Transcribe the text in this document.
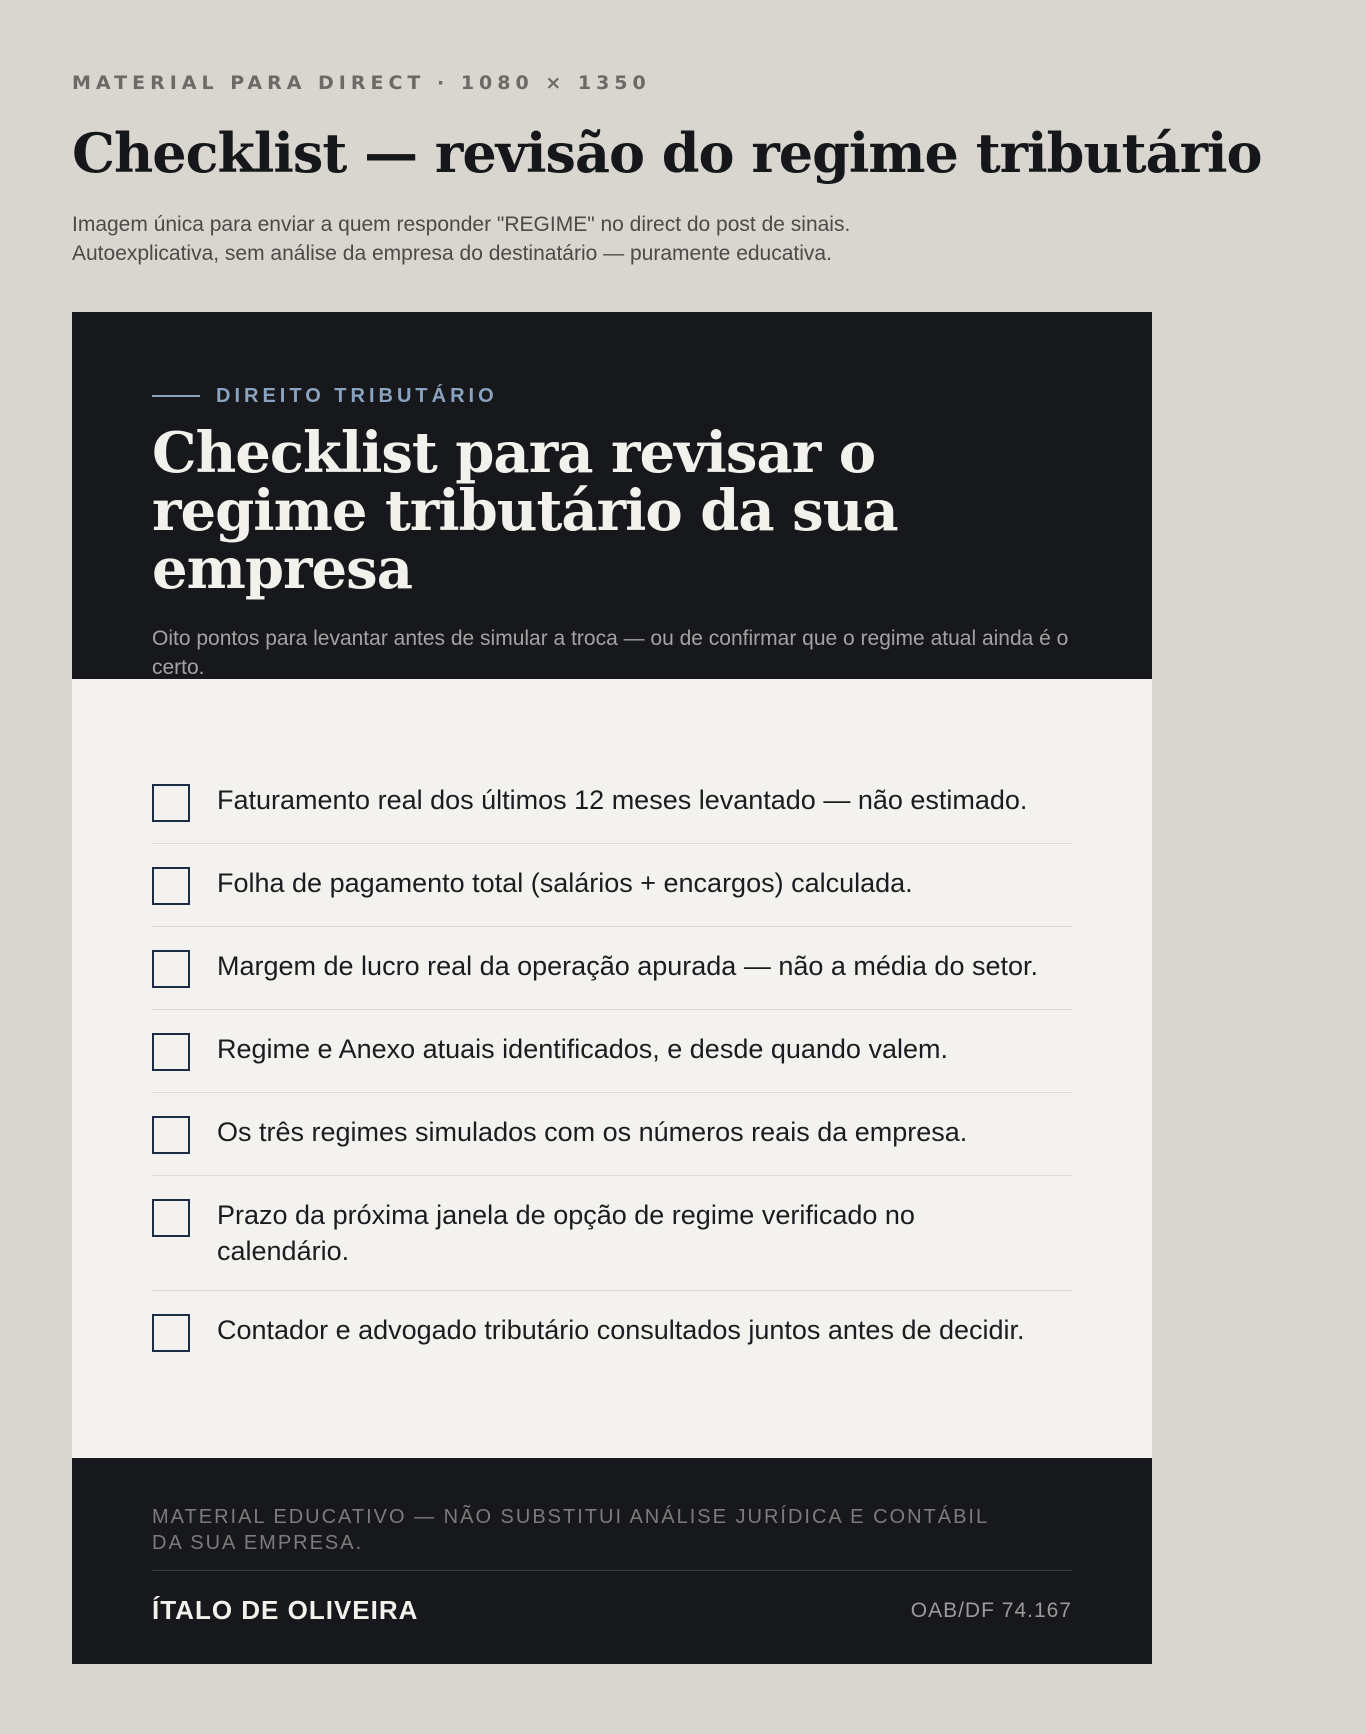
MATERIAL PARA DIRECT · 1080 × 1350
Checklist — revisão do regime tributário

Imagem única para enviar a quem responder "REGIME" no direct do post de sinais. Autoexplicativa, sem análise da empresa do destinatário — puramente educativa.

DIREITO TRIBUTÁRIO
Checklist para revisar o regime tributário da sua empresa

Oito pontos para levantar antes de simular a troca — ou de confirmar que o regime atual ainda é o certo.

Faturamento real dos últimos 12 meses levantado — não estimado.
Folha de pagamento total (salários + encargos) calculada.
Margem de lucro real da operação apurada — não a média do setor.
Regime e Anexo atuais identificados, e desde quando valem.
Os três regimes simulados com os números reais da empresa.
Prazo da próxima janela de opção de regime verificado no calendário.
Contador e advogado tributário consultados juntos antes de decidir.

MATERIAL EDUCATIVO — NÃO SUBSTITUI ANÁLISE JURÍDICA E CONTÁBIL DA SUA EMPRESA.

ÍTALO DE OLIVEIRA	OAB/DF 74.167
